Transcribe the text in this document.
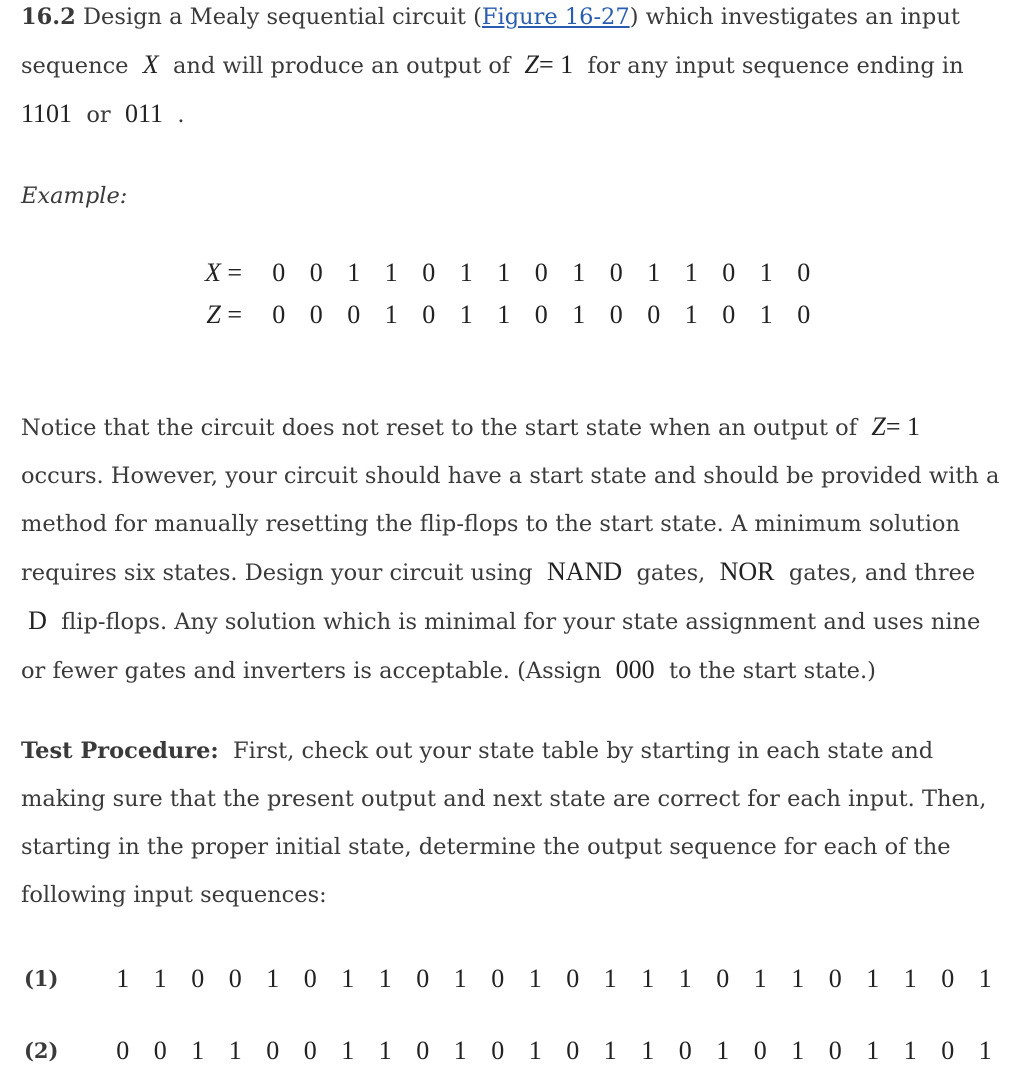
16.2 Design a Mealy sequential circuit (Figure 16-27) which investigates an input
sequence X and will produce an output of Z= 1 for any input sequence ending in
1101 or 011 .

Example:

X =	0	0	1	1	0	1	1	0	1	0	1	1	0	1	0
Z =	0	0	0	1	0	1	1	0	1	0	0	1	0	1	0

Notice that the circuit does not reset to the start state when an output of Z= 1
occurs. However, your circuit should have a start state and should be provided with a
method for manually resetting the flip-flops to the start state. A minimum solution
requires six states. Design your circuit using NAND gates, NOR gates, and three
D flip-flops. Any solution which is minimal for your state assignment and uses nine
or fewer gates and inverters is acceptable. (Assign 000 to the start state.)

Test Procedure: First, check out your state table by starting in each state and
making sure that the present output and next state are correct for each input. Then,
starting in the proper initial state, determine the output sequence for each of the
following input sequences:

(1)	1 1 0 0 1 0 1 1 0 1 0 1 0 1 1 1 0 1 1 0 1 1 0 1
(2)	0 0 1 1 0 0 1 1 0 1 0 1 0 1 1 0 1 0 1 0 1 1 0 1
